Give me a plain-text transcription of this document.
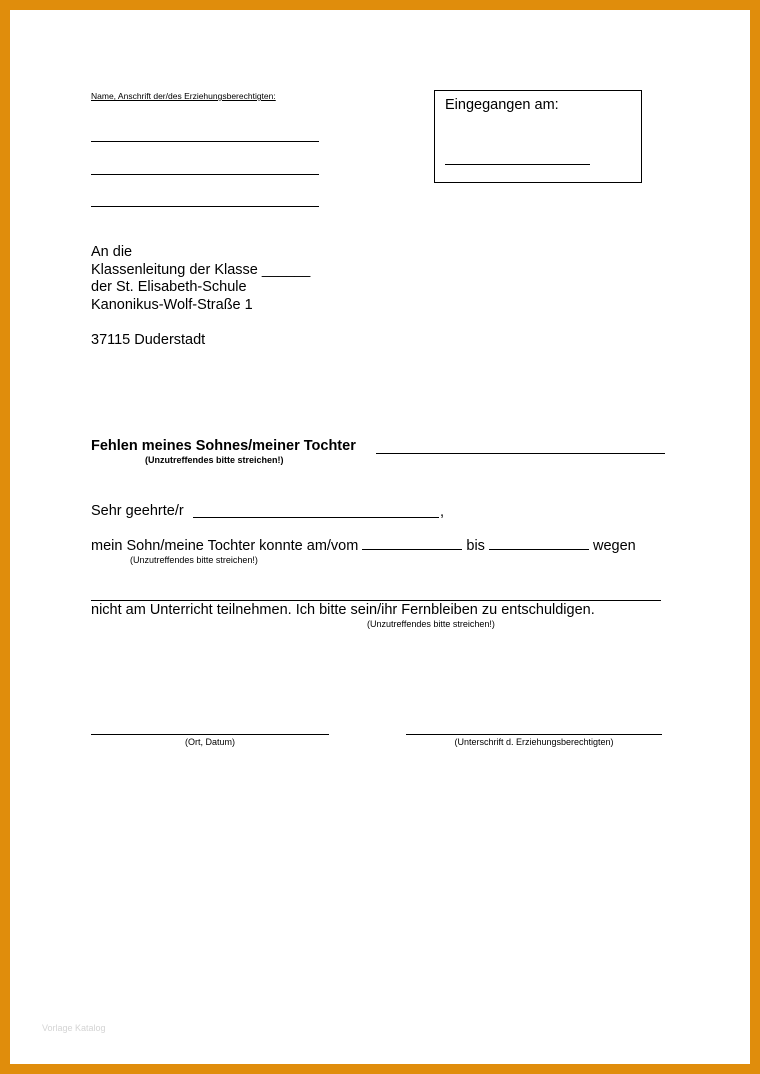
Name, Anschrift der/des Erziehungsberechtigten:
Eingegangen am:
An die
Klassenleitung der Klasse ______
der St. Elisabeth-Schule
Kanonikus-Wolf-Straße 1
37115 Duderstadt
Fehlen meines Sohnes/meiner Tochter
(Unzutreffendes bitte streichen!)
Sehr geehrte/r	,
mein Sohn/meine Tochter konnte am/vom	bis	wegen
(Unzutreffendes bitte streichen!)
nicht am Unterricht teilnehmen. Ich bitte sein/ihr Fernbleiben zu entschuldigen.
(Unzutreffendes bitte streichen!)
(Ort, Datum)	(Unterschrift d. Erziehungsberechtigten)
Vorlage Katalog
